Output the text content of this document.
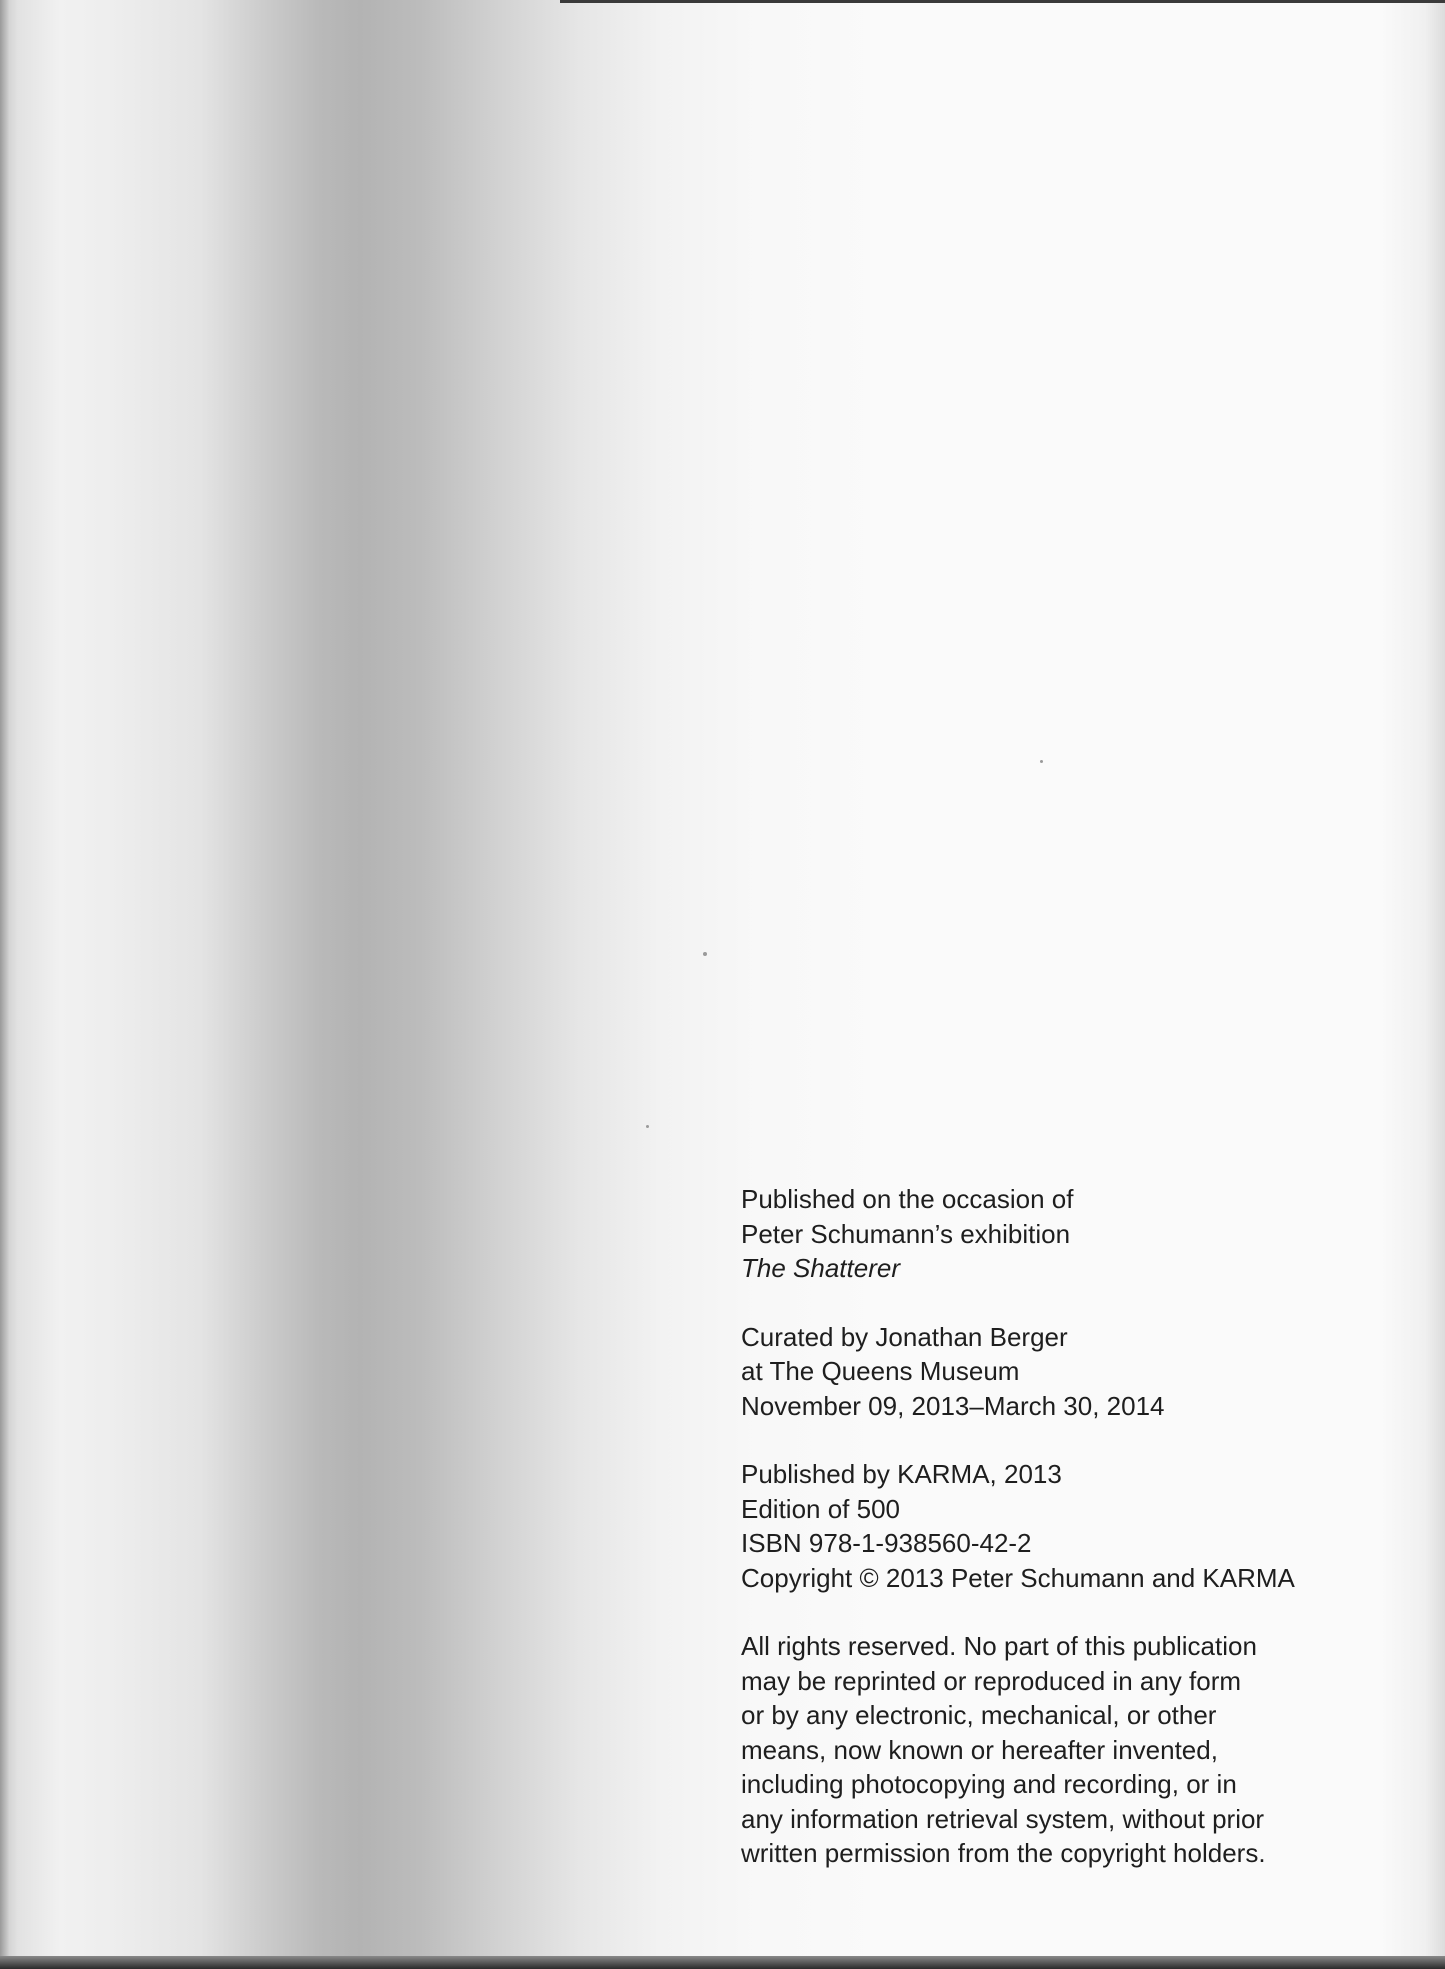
Published on the occasion of
Peter Schumann’s exhibition
The Shatterer

Curated by Jonathan Berger
at The Queens Museum
November 09, 2013–March 30, 2014

Published by KARMA, 2013
Edition of 500
ISBN 978-1-938560-42-2
Copyright © 2013 Peter Schumann and KARMA

All rights reserved. No part of this publication
may be reprinted or reproduced in any form
or by any electronic, mechanical, or other
means, now known or hereafter invented,
including photocopying and recording, or in
any information retrieval system, without prior
written permission from the copyright holders.
